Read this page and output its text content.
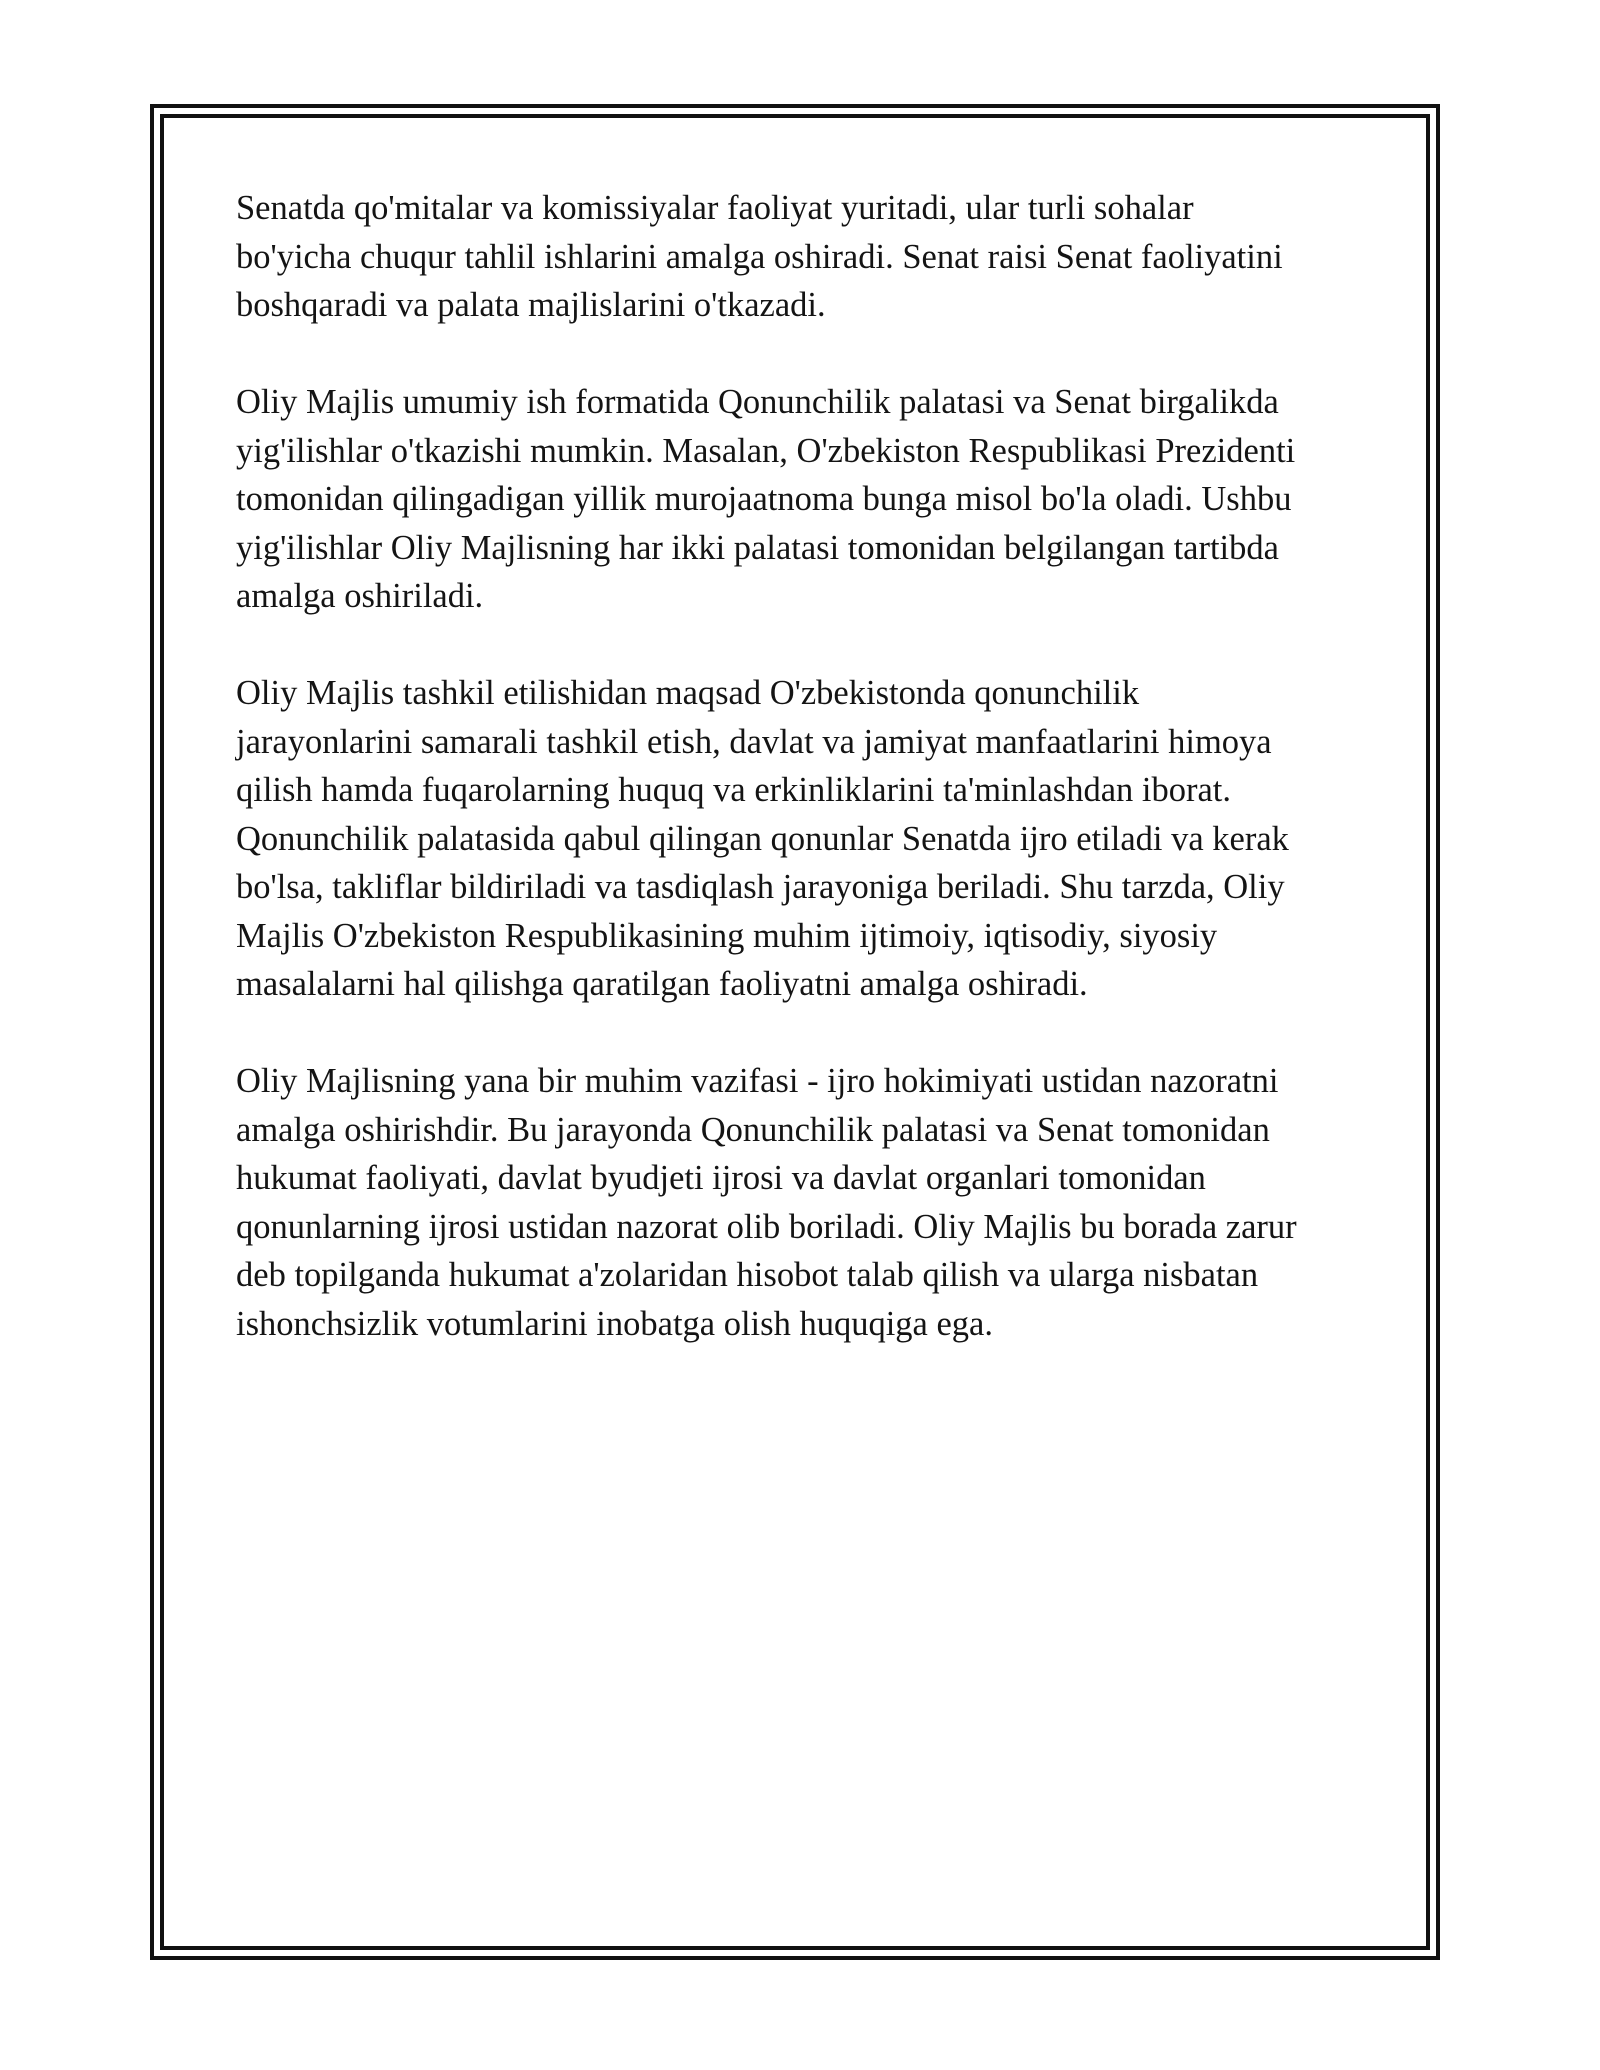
Senatda qo'mitalar va komissiyalar faoliyat yuritadi, ular turli sohalar
bo'yicha chuqur tahlil ishlarini amalga oshiradi. Senat raisi Senat faoliyatini
boshqaradi va palata majlislarini o'tkazadi.

Oliy Majlis umumiy ish formatida Qonunchilik palatasi va Senat birgalikda
yig'ilishlar o'tkazishi mumkin. Masalan, O'zbekiston Respublikasi Prezidenti
tomonidan qilingadigan yillik murojaatnoma bunga misol bo'la oladi. Ushbu
yig'ilishlar Oliy Majlisning har ikki palatasi tomonidan belgilangan tartibda
amalga oshiriladi.

Oliy Majlis tashkil etilishidan maqsad O'zbekistonda qonunchilik
jarayonlarini samarali tashkil etish, davlat va jamiyat manfaatlarini himoya
qilish hamda fuqarolarning huquq va erkinliklarini ta'minlashdan iborat.
Qonunchilik palatasida qabul qilingan qonunlar Senatda ijro etiladi va kerak
bo'lsa, takliflar bildiriladi va tasdiqlash jarayoniga beriladi. Shu tarzda, Oliy
Majlis O'zbekiston Respublikasining muhim ijtimoiy, iqtisodiy, siyosiy
masalalarni hal qilishga qaratilgan faoliyatni amalga oshiradi.

Oliy Majlisning yana bir muhim vazifasi - ijro hokimiyati ustidan nazoratni
amalga oshirishdir. Bu jarayonda Qonunchilik palatasi va Senat tomonidan
hukumat faoliyati, davlat byudjeti ijrosi va davlat organlari tomonidan
qonunlarning ijrosi ustidan nazorat olib boriladi. Oliy Majlis bu borada zarur
deb topilganda hukumat a'zolaridan hisobot talab qilish va ularga nisbatan
ishonchsizlik votumlarini inobatga olish huquqiga ega.
